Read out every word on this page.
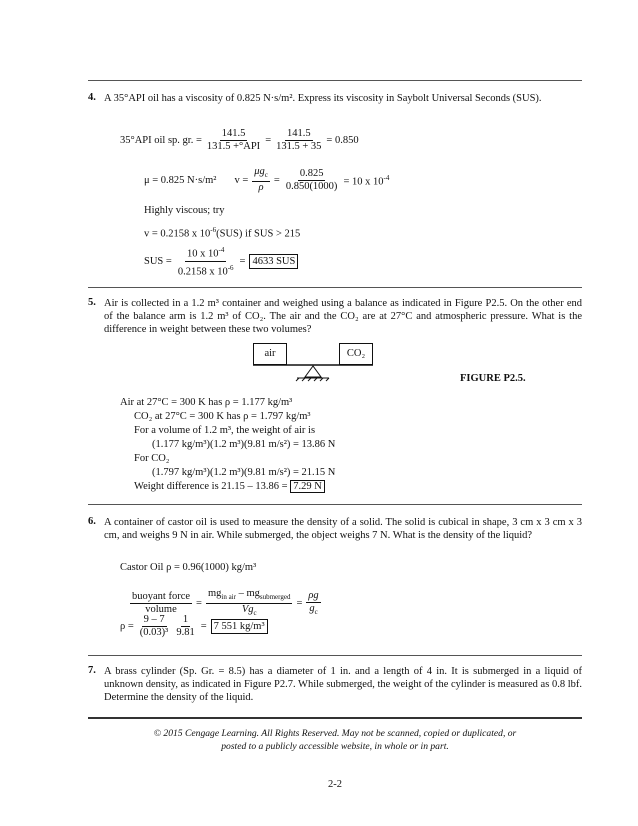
4. A 35°API oil has a viscosity of 0.825 N·s/m². Express its viscosity in Saybolt Universal Seconds (SUS).
35°API oil sp. gr. = $\frac{141.5}{\text{131.5 +°API}} = \frac{141.5}{131.5 + 35} = 0.850$
μ = 0.825 N·s/m² $v = \frac{\mu g_c}{\rho} = \frac{0.825}{0.850(1000)} = 10$ x $10^{-4}$
Highly viscous; try
v = 0.2158 x $10^{-6}(SUS)$ if SUS > 215
SUS = $\frac{10 x 10^{-4}}{0.2158 x 10^{-6}} = 4633$ SUS
5. Air is collected in a 1.2 m³ container and weighed using a balance as indicated in Figure P2.5. On the other end of the balance arm is 1.2 m³ of CO₂. The air and the CO₂ are at 27°C and atmospheric pressure. What is the difference in weight between these two volumes?
air	CO₂
FIGURE P2.5.
Air at 27°C = 300 K has ρ = 1.177 kg/m³
CO₂ at 27°C = 300 K has ρ = 1.797 kg/m³
For a volume of 1.2 m³, the weight of air is
(1.177 kg/m³)(1.2 m³)(9.81 m/s²) = 13.86 N
For CO₂
(1.797 kg/m³)(1.2 m³)(9.81 m/s²) = 21.15 N
Weight difference is 21.15 – 13.86 = 7.29 N
6. A container of castor oil is used to measure the density of a solid. The solid is cubical in shape, 3 cm x 3 cm x 3 cm, and weighs 9 N in air. While submerged, the object weighs 7 N. What is the density of the liquid?
Castor Oil ρ = 0.96(1000) kg/m³
$\frac{\text{buoyant force}}{\text{volume}} = \frac{mg_{in air} - mg_{submerged}}{Vg_c} = \frac{\rho g}{g_c}$
$\rho = \frac{9 - 7}{\text{(0.03)³}} \frac{1}{9.81} = 7$ 551 kg/m³
7. A brass cylinder (Sp. Gr. = 8.5) has a diameter of 1 in. and a length of 4 in. It is submerged in a liquid of unknown density, as indicated in Figure P2.7. While submerged, the weight of the cylinder is measured as 0.8 lbf. Determine the density of the liquid.
© 2015 Cengage Learning. All Rights Reserved. May not be scanned, copied or duplicated, or
posted to a publicly accessible website, in whole or in part.
2-2
